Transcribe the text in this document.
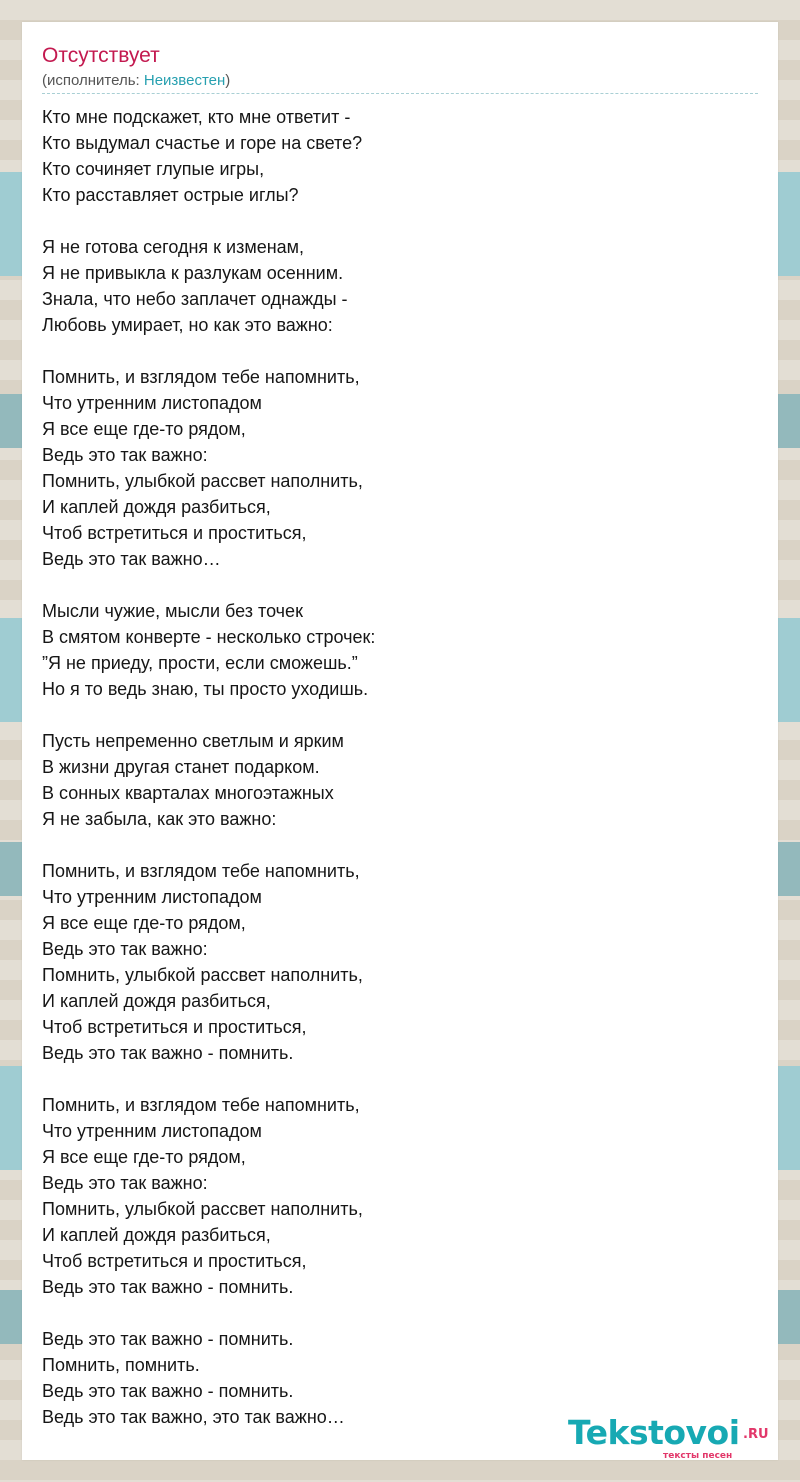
Отсутствует
(исполнитель: Неизвестен)
Кто мне подскажет, кто мне ответит -
Кто выдумал счастье и горе на свете?
Кто сочиняет глупые игры,
Кто расставляет острые иглы?
Я не готова сегодня к изменам,
Я не привыкла к разлукам осенним.
Знала, что небо заплачет однажды -
Любовь умирает, но как это важно:
Помнить, и взглядом тебе напомнить,
Что утренним листопадом
Я все еще где-то рядом,
Ведь это так важно:
Помнить, улыбкой рассвет наполнить,
И каплей дождя разбиться,
Чтоб встретиться и проститься,
Ведь это так важно…
Мысли чужие, мысли без точек
В смятом конверте - несколько строчек:
”Я не приеду, прости, если сможешь.”
Но я то ведь знаю, ты просто уходишь.
Пусть непременно светлым и ярким
В жизни другая станет подарком.
В сонных кварталах многоэтажных
Я не забыла, как это важно:
Помнить, и взглядом тебе напомнить,
Что утренним листопадом
Я все еще где-то рядом,
Ведь это так важно:
Помнить, улыбкой рассвет наполнить,
И каплей дождя разбиться,
Чтоб встретиться и проститься,
Ведь это так важно - помнить.
Помнить, и взглядом тебе напомнить,
Что утренним листопадом
Я все еще где-то рядом,
Ведь это так важно:
Помнить, улыбкой рассвет наполнить,
И каплей дождя разбиться,
Чтоб встретиться и проститься,
Ведь это так важно - помнить.
Ведь это так важно - помнить.
Помнить, помнить.
Ведь это так важно - помнить.
Ведь это так важно, это так важно…	Tekstovoi .RU
тексты песен
